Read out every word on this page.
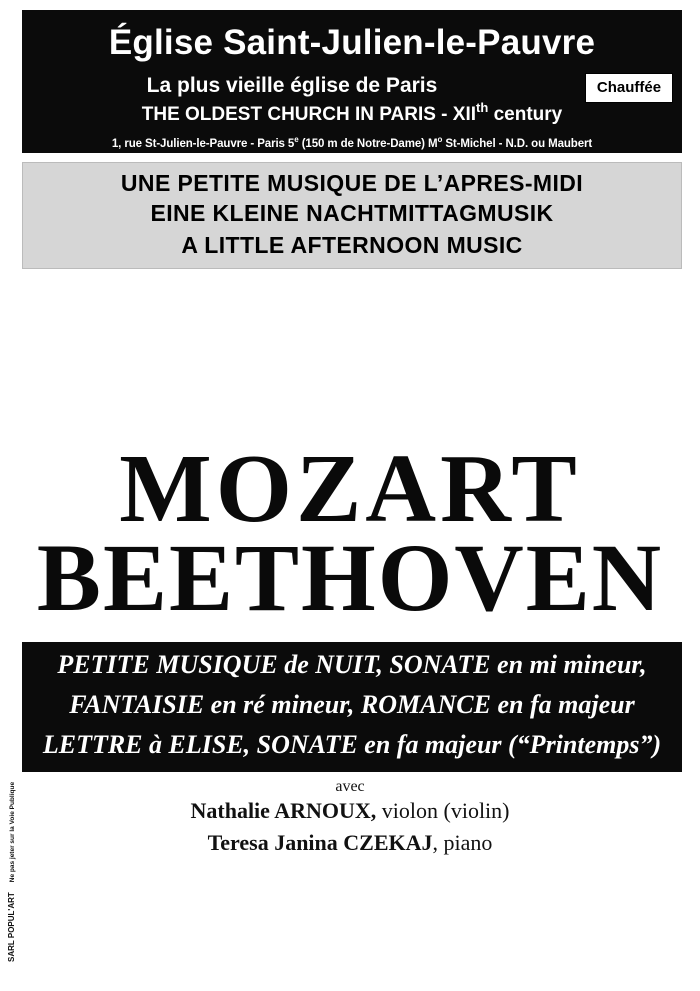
Église Saint-Julien-le-Pauvre
La plus vieille église de Paris	Chauffée
THE OLDEST CHURCH IN PARIS - XIIth century
1, rue St-Julien-le-Pauvre - Paris 5e (150 m de Notre-Dame) $M^o$ St-Michel - N.D. ou Maubert
UNE PETITE MUSIQUE DE L’APRES-MIDI
EINE KLEINE NACHTMITTAGMUSIK
A LITTLE AFTERNOON MUSIC
MOZART
BEETHOVEN
PETITE MUSIQUE de NUIT, SONATE en mi mineur,
FANTAISIE en ré mineur, ROMANCE en fa majeur
LETTRE à ELISE, SONATE en fa majeur (“Printemps”)
avec
Nathalie ARNOUX, violon (violin)
Teresa Janina CZEKAJ, piano
SARL POPUL'ARTNe pas jeter sur la Voie Publique
